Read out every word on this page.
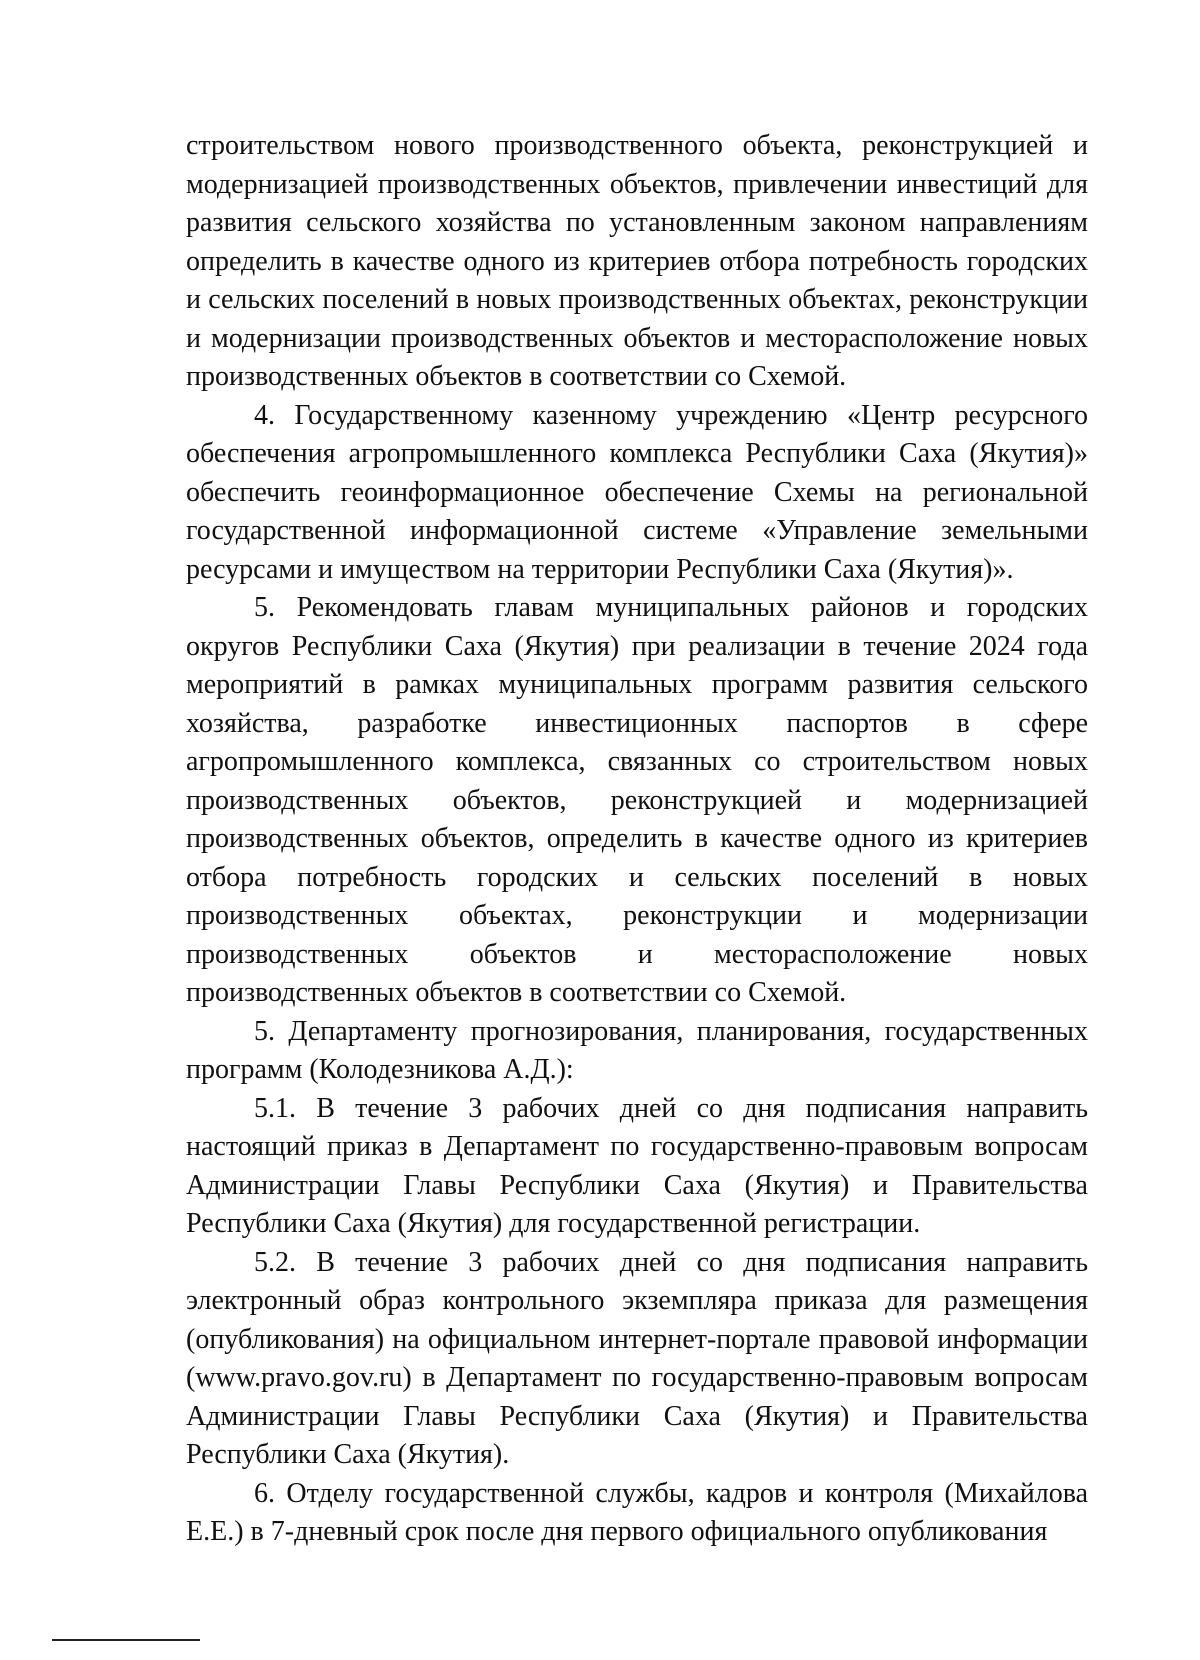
строительством нового производственного объекта, реконструкцией и модернизацией производственных объектов, привлечении инвестиций для развития сельского хозяйства по установленным законом направлениям определить в качестве одного из критериев отбора потребность городских и сельских поселений в новых производственных объектах, реконструкции и модернизации производственных объектов и месторасположение новых производственных объектов в соответствии со Схемой.

4. Государственному казенному учреждению «Центр ресурсного обеспечения агропромышленного комплекса Республики Саха (Якутия)» обеспечить геоинформационное обеспечение Схемы на региональной государственной информационной системе «Управление земельными ресурсами и имуществом на территории Республики Саха (Якутия)».

5. Рекомендовать главам муниципальных районов и городских округов Республики Саха (Якутия) при реализации в течение 2024 года мероприятий в рамках муниципальных программ развития сельского хозяйства, разработке инвестиционных паспортов в сфере агропромышленного комплекса, связанных со строительством новых производственных объектов, реконструкцией и модернизацией производственных объектов, определить в качестве одного из критериев отбора потребность городских и сельских поселений в новых производственных объектах, реконструкции и модернизации производственных объектов и месторасположение новых производственных объектов в соответствии со Схемой.

5. Департаменту прогнозирования, планирования, государственных программ (Колодезникова А.Д.):

5.1. В течение 3 рабочих дней со дня подписания направить настоящий приказ в Департамент по государственно-правовым вопросам Администрации Главы Республики Саха (Якутия) и Правительства Республики Саха (Якутия) для государственной регистрации.

5.2. В течение 3 рабочих дней со дня подписания направить электронный образ контрольного экземпляра приказа для размещения (опубликования) на официальном интернет-портале правовой информации (www.pravo.gov.ru) в Департамент по государственно-правовым вопросам Администрации Главы Республики Саха (Якутия) и Правительства Республики Саха (Якутия).

6. Отделу государственной службы, кадров и контроля (Михайлова Е.Е.) в 7-дневный срок после дня первого официального опубликования
